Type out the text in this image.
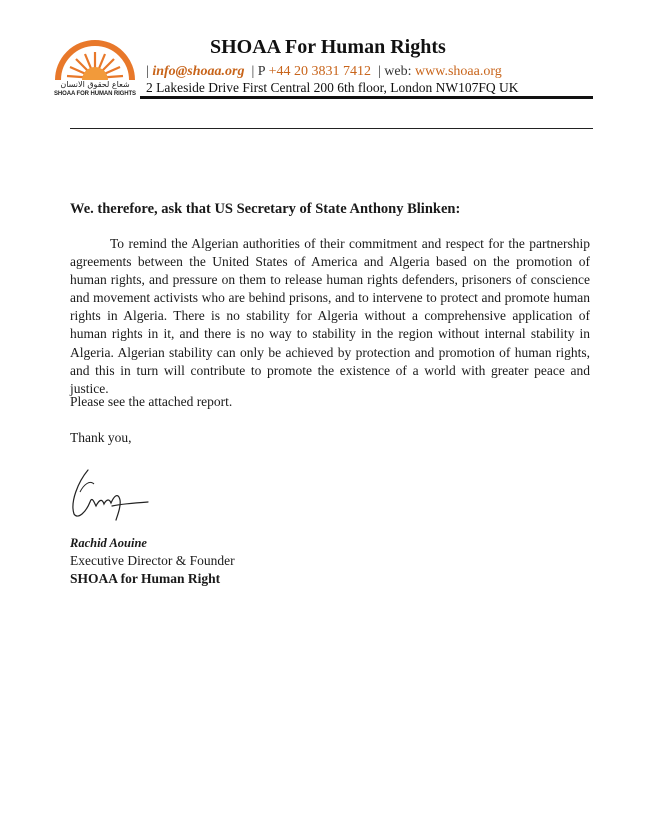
شعاع لحقوق الانسان
SHOAA FOR HUMAN RIGHTS
SHOAA For Human Rights
| info@shoaa.org | P +44 20 3831 7412 | web: www.shoaa.org
2 Lakeside Drive First Central 200 6th floor, London NW107FQ UK
We. therefore, ask that US Secretary of State Anthony Blinken:

To remind the Algerian authorities of their commitment and respect for the partnership agreements between the United States of America and Algeria based on the promotion of human rights, and pressure on them to release human rights defenders, prisoners of conscience and movement activists who are behind prisons, and to intervene to protect and promote human rights in Algeria. There is no stability for Algeria without a comprehensive application of human rights in it, and there is no way to stability in the region without internal stability in Algeria. Algerian stability can only be achieved by protection and promotion of human rights, and this in turn will contribute to promote the existence of a world with greater peace and justice.

Please see the attached report.
Thank you,
Rachid Aouine
Executive Director & Founder
SHOAA for Human Right
